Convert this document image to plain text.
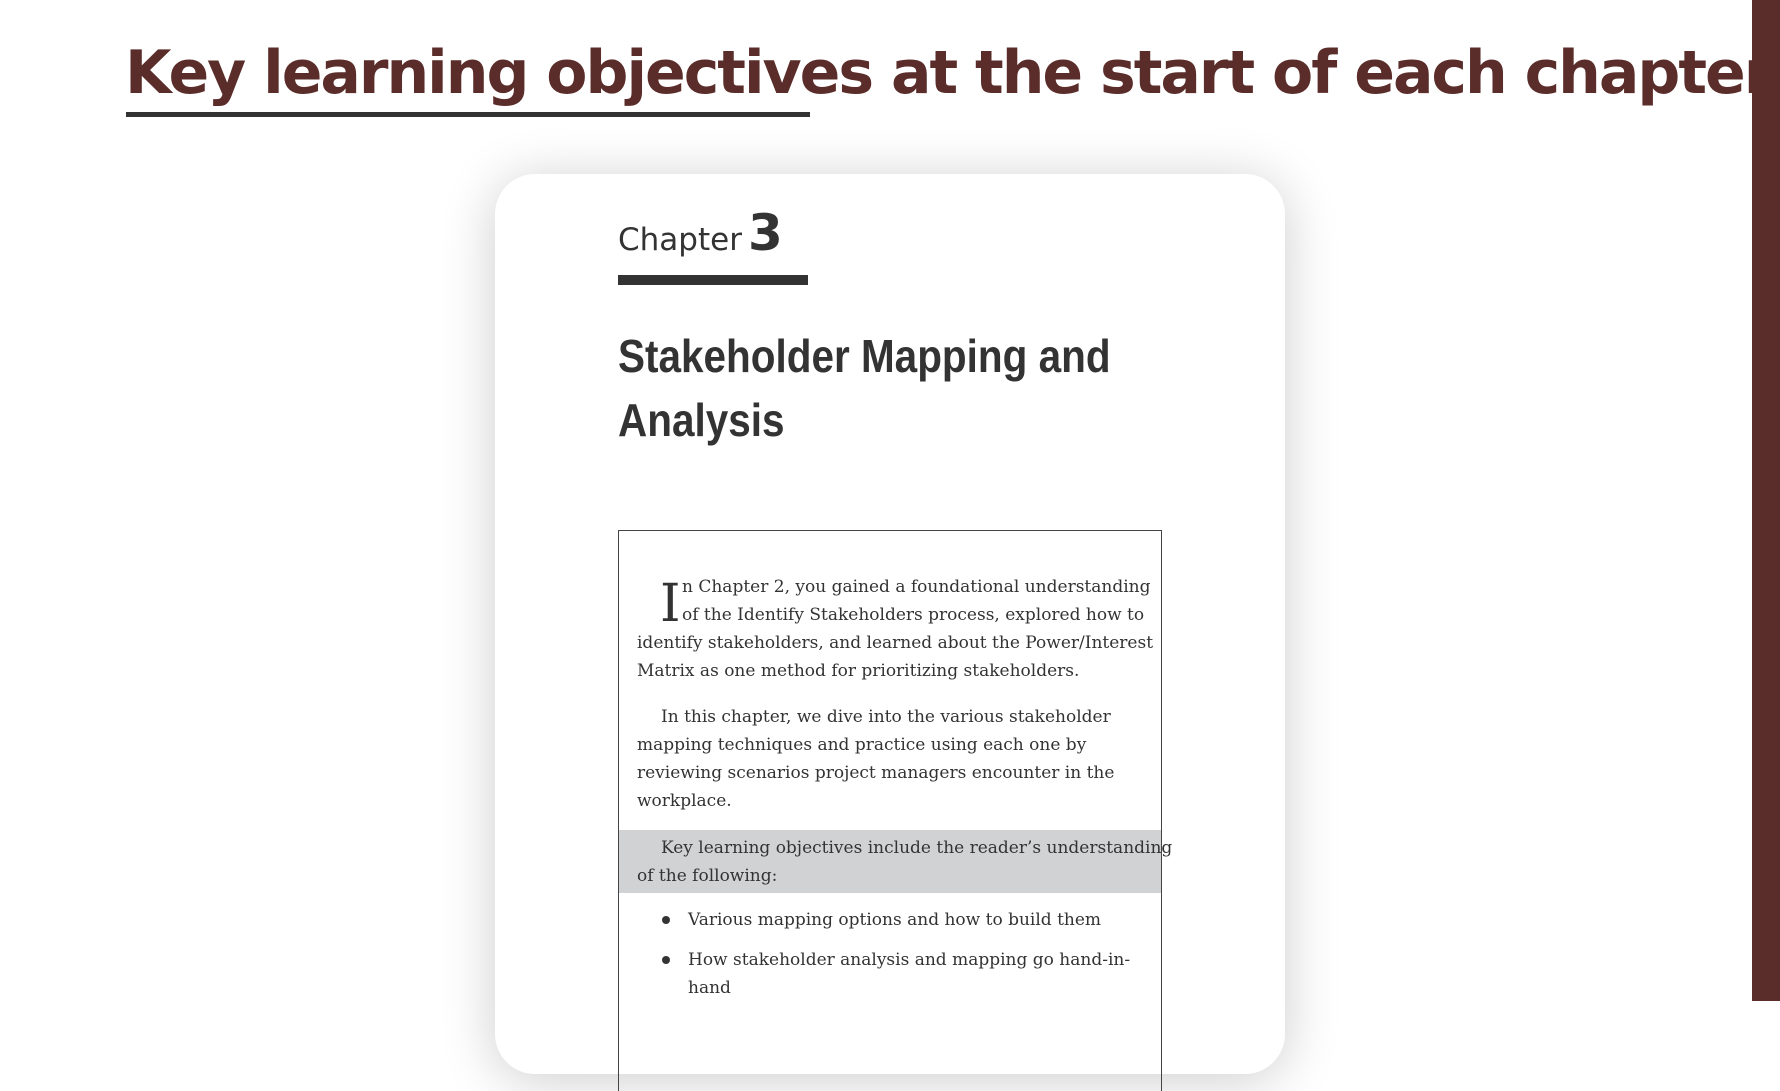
Key learning objectives at the start of each chapter
Chapter 3
Stakeholder Mapping and Analysis
I n Chapter 2, you gained a foundational understanding
of the Identify Stakeholders process, explored how to
identify stakeholders, and learned about the Power/Interest
Matrix as one method for prioritizing stakeholders.
In this chapter, we dive into the various stakeholder
mapping techniques and practice using each one by
reviewing scenarios project managers encounter in the
workplace.
Key learning objectives include the reader’s understanding
of the following:
Various mapping options and how to build them
How stakeholder analysis and mapping go hand-in-
hand
